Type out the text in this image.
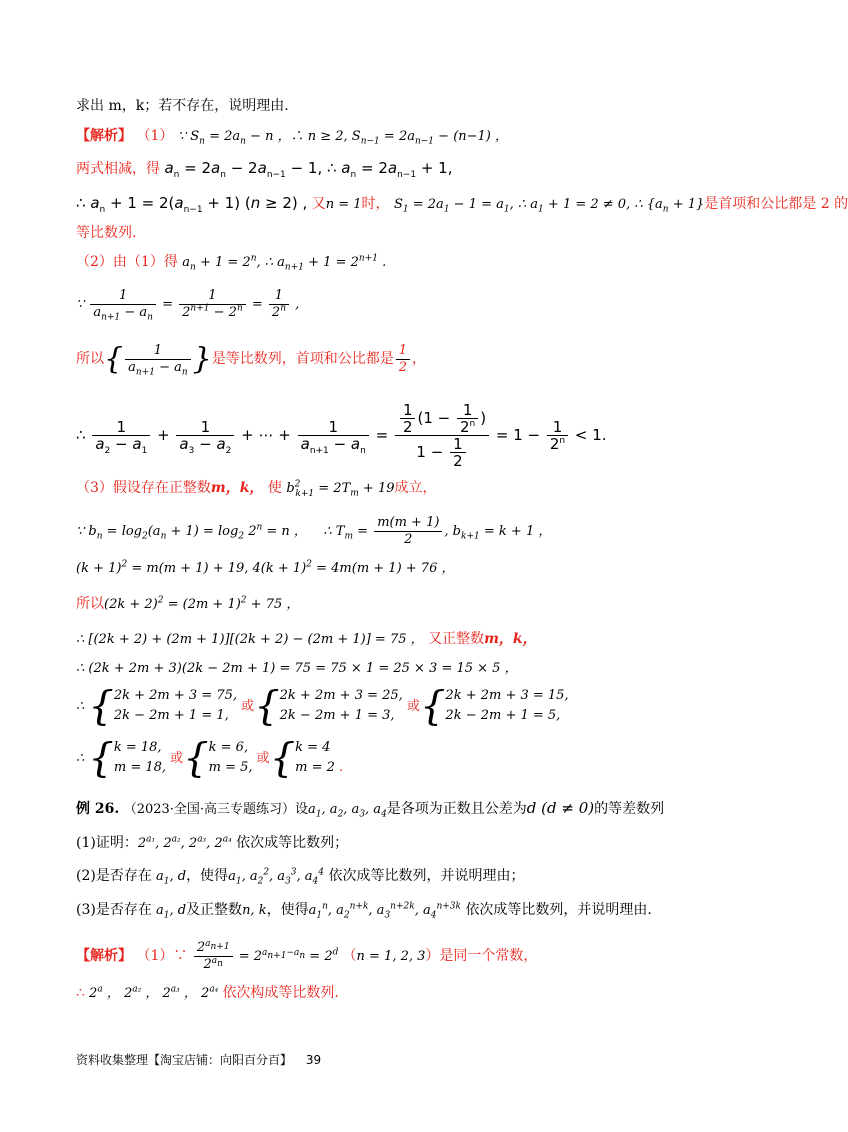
求出 m，k；若不存在，说明理由.
【解析】 （1） ∵ $S_n = 2a_n - n$ ，∴ n ≥ 2, $S_{n-1} = 2a_{n-1} - (n-1)$ ，
两式相减，得 $a_n = 2a_n - 2a_{n-1} - 1$, ∴ $a_n = 2a_{n-1} + 1$,
∴ $a_n + 1 = 2(a_{n-1} + 1) (n \ge 2)$ , 又n = 1时， $S_1 = 2a_1 - 1 = a_1$, ∴ $a_1 + 1 = 2 \ne 0$, ∴ $\{a_n + 1\}$是首项和公比都是 2 的
等比数列.
（2）由（1）得 $a_n + 1 = 2^n$, ∴ $a_{n+1} + 1 = 2^{n+1}$ .
∵ $\frac{1}{a_{n+1} - a_n} = \frac{1}{2^{n+1} - 2^n} = \frac{1}{2^n}$ ,
所以{ $\frac{1}{a_{n+1} - a_n}$ }是等比数列，首项和公比都是 $\frac{1}{2}$ ，
∴ $\frac{1}{a_2 - a_1} + \frac{1}{a_3 - a_2}$ + ⋯ + $\frac{1}{a_{n+1} - a_n} = \frac{\frac{1}{2} (1 - \frac{1}{2^n} )}{1 - \frac{1}{2}} = 1 - \frac{1}{2^n} < 1$.
（3）假设存在正整数m，k， 使 $b^2_{k+1} = 2T_m + 19$成立，
∵ $b_n = \log_2(a_n + 1) = \log_2 2^n = n$ ， ∴ $T_m = \frac{m(m + 1)}{2}$ , $b_{k+1} = k + 1$ ，
$(k + 1)^2 = m(m + 1) + 19$, $4(k + 1)^2 = 4m(m + 1) + 76$ ，
所以$(2k + 2)^2 = (2m + 1)^2 + 75$ ，
∴ [(2k + 2) + (2m + 1)][(2k + 2) − (2m + 1)] = 75 ， 又正整数m，k，
∴ (2k + 2m + 3)(2k − 2m + 1) = 75 = 75 × 1 = 25 × 3 = 15 × 5 ，
∴ { 2k + 2m + 3 = 75,
2k − 2m + 1 = 1,
或{ 2k + 2m + 3 = 25,
2k − 2m + 1 = 3,
或{ 2k + 2m + 3 = 15,
2k − 2m + 1 = 5,
∴ { k = 18,
m = 18,
或{ k = 6,
m = 5,
或{ k = 4
m = 2 .
例 26. （2023·全国·高三专题练习）设$a_1$, $a_2$, $a_3$, $a_4$是各项为正数且公差为d (d ≠ 0)的等差数列
(1)证明：$2^{a_1}$, $2^{a_2}$, $2^{a_3}$, $2^{a_4}$ 依次成等比数列；
(2)是否存在 $a_1$, d，使得$a_1$, $a_2^2$, $a_3^3$, $a_4^4$ 依次成等比数列，并说明理由；
(3)是否存在 $a_1$, d及正整数n, k，使得$a_1^n$, $a_2^{n+k}$, $a_3^{n+2k}$, $a_4^{n+3k}$ 依次成等比数列，并说明理由.
【解析】 （1）∵ $\frac{2^{a_{n+1}}}{2^{a_n}} = 2^{a_{n+1}-a_n} = 2^d$ （n = 1, 2, 3）是同一个常数，
∴ 2$^a$ ， $2^{a_2}$ ， $2^{a_3}$ ， $2^{a_4}$ 依次构成等比数列.
资料收集整理【淘宝店铺：向阳百分百】 39
